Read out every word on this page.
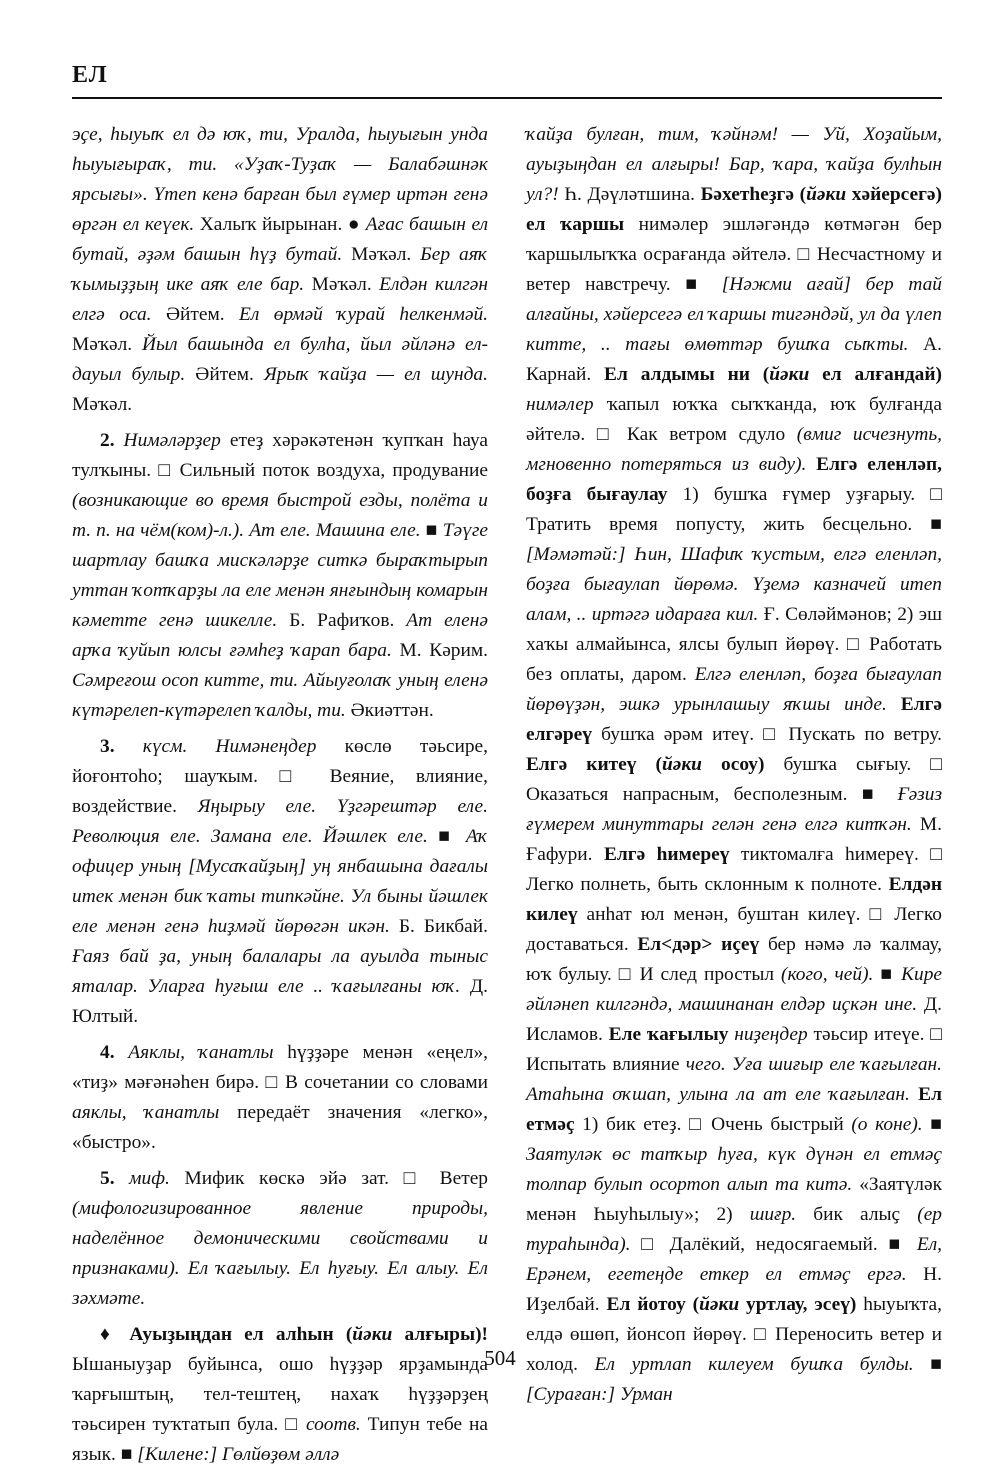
ЕЛ

эҫе, һыуыҡ ел дә юҡ, ти, Уралда, һыуығын унда һыуығыраҡ, ти. «Уҙаҡ-Туҙаҡ — Балабәшнәк ярсығы». Үтеп кенә барған был ғүмер иртән генә өргән ел кеүек. Халыҡ йырынан. ● Ағас башын ел бутай, әҙәм башын һүҙ бутай. Мәҡәл. Бер аяҡ ҡымыҙҙың ике аяҡ еле бар. Мәҡәл. Елдән килгән елгә оса. Әйтем. Ел өрмәй ҡурай һелкенмәй. Мәҡәл. Йыл башында ел булһа, йыл әйләнә ел-дауыл булыр. Әйтем. Ярыҡ ҡайҙа — ел шунда. Мәҡәл.

2. Нимәләрҙер етеҙ хәрәкәтенән ҡупҡан һауа тулҡыны. □ Сильный поток воздуха, продувание (возникающие во время быстрой езды, полёта и т. п. на чём(ком)-л.). Ат еле. Машина еле. ■ Тәүге шартлау башҡа мискәләрҙе ситкә быраҡтырып уттан ҡотҡарҙы ла еле менән янғындың комарын кәметте генә шикелле. Б. Рафиҡов. Ат еленә арҡа ҡуйып юлсы ғәмһеҙ ҡарап бара. М. Кәрим. Сәмреғош осоп китте, ти. Айыуғолаҡ уның еленә күтәрелеп-күтәрелеп ҡалды, ти. Әкиәттән.

3. күсм. Нимәнеңдер көслө тәьсире, йоғонтоһо; шауҡым. □ Веяние, влияние, воздействие. Яңырыу еле. Үҙгәрештәр еле. Революция еле. Замана еле. Йәшлек еле. ■ Аҡ офицер уның [Мусаҡайҙың] уң янбашына дағалы итек менән бик ҡаты типкәйне. Ул быны йәшлек еле менән генә һиҙмәй йөрөгән икән. Б. Бикбай. Ғаяз бай ҙа, уның балалары ла ауылда тыныс яталар. Уларға һуғыш еле .. ҡағылғаны юҡ. Д. Юлтый.

4. Аяклы, ҡанатлы һүҙҙәре менән «еңел», «тиҙ» мәғәнәһен бирә. □ В сочетании со словами аяклы, ҡанатлы передаёт значения «легко», «быстро».

5. миф. Мифик көскә эйә зат. □ Ветер (мифологизированное явление природы, наделённое демоническими свойствами и признаками). Ел ҡағылыу. Ел һуғыу. Ел алыу. Ел зәхмәте.

♦ Ауыҙыңдан ел алһын (йәки алғыры)! Ышаныуҙар буйынса, ошо һүҙҙәр ярҙамында ҡарғыштың, тел-тештең, нахаҡ һүҙҙәрҙең тәьсирен туҡтатып була. □ соотв. Типун тебе на язык. ■ [Килене:] Гөлйөҙөм әллә

ҡайҙа булған, тим, ҡәйнәм! — Уй, Хоҙайым, ауыҙыңдан ел алғыры! Бар, ҡара, ҡайҙа булһын ул?! Һ. Дәүләтшина. Бәхетһеҙгә (йәки хәйерсегә) ел ҡаршы нимәлер эшләгәндә көтмәгән бер ҡаршылыҡҡа осрағанда әйтелә. □ Несчастному и ветер навстречу. ■ [Нәжми ағай] бер тай алғайны, хәйерсегә ел ҡаршы тигәндәй, ул да үлеп китте, .. тағы өмөттәр бушҡа сыҡты. А. Карнай. Ел алдымы ни (йәки ел алғандай) нимәлер ҡапыл юҡҡа сыҡҡанда, юҡ булғанда әйтелә. □ Как ветром сдуло (вмиг исчезнуть, мгновенно потеряться из виду). Елгә еленләп, боҙға бығаулау 1) бушҡа ғүмер уҙғарыу. □ Тратить время попусту, жить бесцельно. ■ [Мәмәтәй:] Һин, Шафиҡ ҡустым, елгә еленләп, боҙға бығаулап йөрөмә. Үҙемә казначей итеп алам, .. иртәгә идараға кил. Ғ. Сөләймәнов; 2) эш хаҡы алмайынса, ялсы булып йөрөү. □ Работать без оплаты, даром. Елгә еленләп, боҙға бығаулап йөрөүҙән, эшкә урынлашыу яҡшы инде. Елгә елгәреү бушҡа әрәм итеү. □ Пускать по ветру. Елгә китеү (йәки осоу) бушҡа сығыу. □ Оказаться напрасным, бесполезным. ■ Ғәзиз ғүмерем минуттары гелән генә елгә китҡән. М. Ғафури. Елгә һимереү тиктомалға һимереү. □ Легко полнеть, быть склонным к полноте. Елдән килеү анһат юл менән, буштан килеү. □ Легко доставаться. Ел<дәр> иҫеү бер нәмә лә ҡалмау, юҡ булыу. □ И след простыл (кого, чей). ■ Кире әйләнеп килгәндә, машинанан елдәр иҫкән ине. Д. Исламов. Еле ҡағылыу ниҙеңдер тәьсир итеүе. □ Испытать влияние чего. Уға шиғыр еле ҡағылған. Атаһына оҡшап, улына ла ат еле ҡағылған. Ел етмәҫ 1) бик етеҙ. □ Очень быстрый (о коне). ■ Заятуләк өс тапҡыр һуға, күк дүнән ел етмәҫ толпар булып осортоп алып та китә. «Заятүләк менән Һыуһылыу»; 2) шиғр. бик алыҫ (ер тураһында). □ Далёкий, недосягаемый. ■ Ел, Ерәнем, егетеңде еткер ел етмәҫ ергә. Н. Иҙелбай. Ел йотоу (йәки уртлау, эсеү) һыуыҡта, елдә өшөп, йонсоп йөрөү. □ Переносить ветер и холод. Ел уртлап килеуем бушҡа булды. ■ [Сураған:] Урман

504
